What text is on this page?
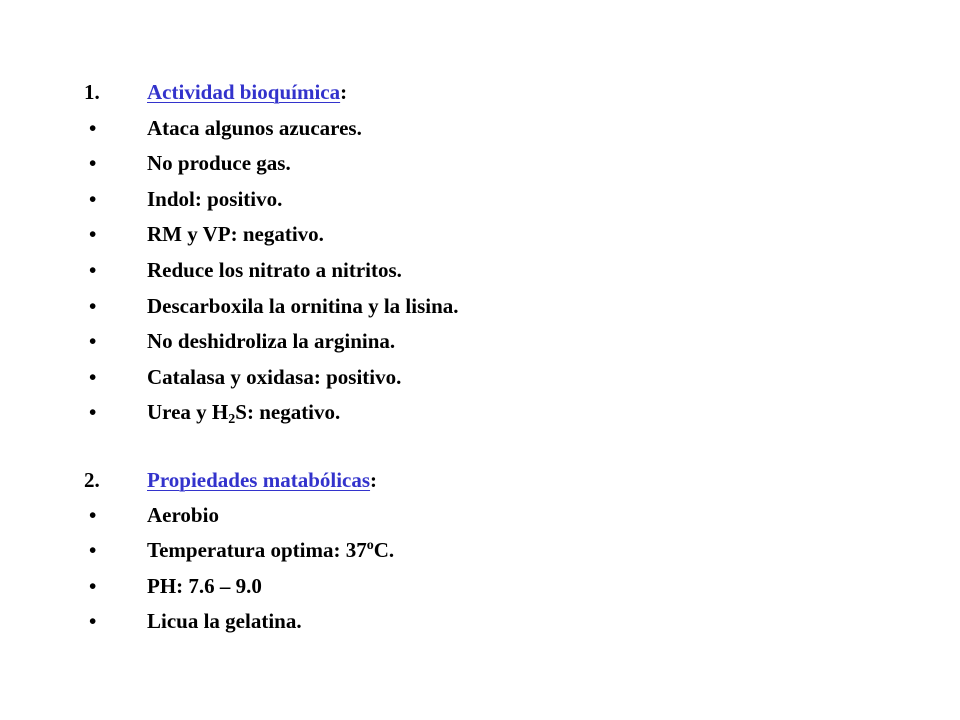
1. Actividad bioquímica:
• Ataca algunos azucares.
• No produce gas.
• Indol: positivo.
• RM y VP: negativo.
• Reduce los nitrato a nitritos.
• Descarboxila la ornitina y la lisina.
• No deshidroliza la arginina.
• Catalasa y oxidasa: positivo.
• Urea y $H_2S$: negativo.
2. Propiedades matabólicas:
• Aerobio
• Temperatura optima: 37$^o$C.
• PH: 7.6 – 9.0
• Licua la gelatina.
